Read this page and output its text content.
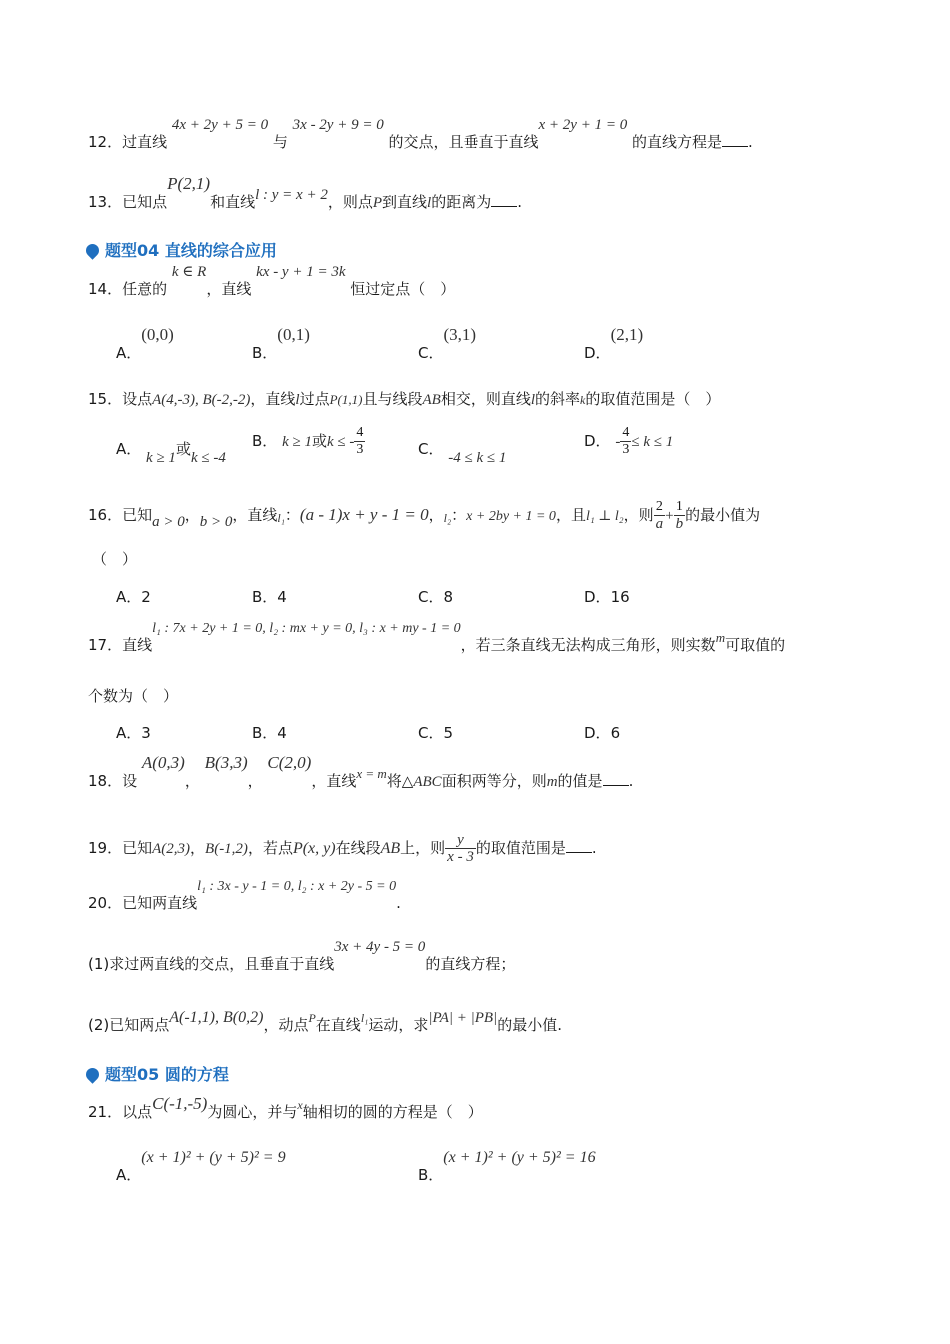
12．过直线 4x + 2y + 5 = 0 与 3x - 2y + 9 = 0 的交点，且垂直于直线x + 2y + 1 = 0 的直线方程是 .
13．已知点P(2,1)和直线l : y = x + 2，则点P到直线l的距离为 .
题型04 直线的综合应用
14．任意的 k ∈ R，直线 kx - y + 1 = 3k 恒过定点（　）
A．(0,0)
B．(0,1)
C．(3,1)
D．(2,1)
15．设点A(4,-3), B(-2,-2)，直线l过点P(1,1)且与线段AB相交，则直线l的斜率k的取值范围是（　）
A． k ≥ 1或k ≤ -4
B． k ≥ 1或k ≤ - $\frac{4}{3}$	C． -4 ≤ k ≤ 1
D． - $\frac{4}{3} \le k \le 1$
16．已知a > 0，b > 0，直线l₁：(a - 1)x + y - 1 = 0，l₂：x + 2by + 1 = 0，且l₁ ⊥ l₂，则 $\frac{2}{a} + \frac{1}{b}$ 的最小值为
（　）
A．2	B．4	C．8	D．16
17．直线l₁ : 7x + 2y + 1 = 0, l₂ : mx + y = 0, l₃ : x + my - 1 = 0，若三条直线无法构成三角形，则实数m可取值的
个数为（　）
A．3	B．4	C．5	D．6
18．设 A(0,3)， B(3,3)， C(2,0)，直线x = m将△ABC面积两等分，则m的值是 .
19．已知A(2,3)，B(-1,2)，若点P(x, y)在线段AB上，则 $\frac{y}{x - 3}$ 的取值范围是 .
20．已知两直线l₁ : 3x - y - 1 = 0, l₂ : x + 2y - 5 = 0.
(1)求过两直线的交点，且垂直于直线3x + 4y - 5 = 0的直线方程；
(2)已知两点A(-1,1), B(0,2)，动点$^P$在直线$^{l_1}$运动，求|PA| + |PB|的最小值.
题型05 圆的方程
21．以点C(-1,-5)为圆心，并与$^x$轴相切的圆的方程是（　）
A．(x + 1)² + (y + 5)² = 9
B．(x + 1)² + (y + 5)² = 16
